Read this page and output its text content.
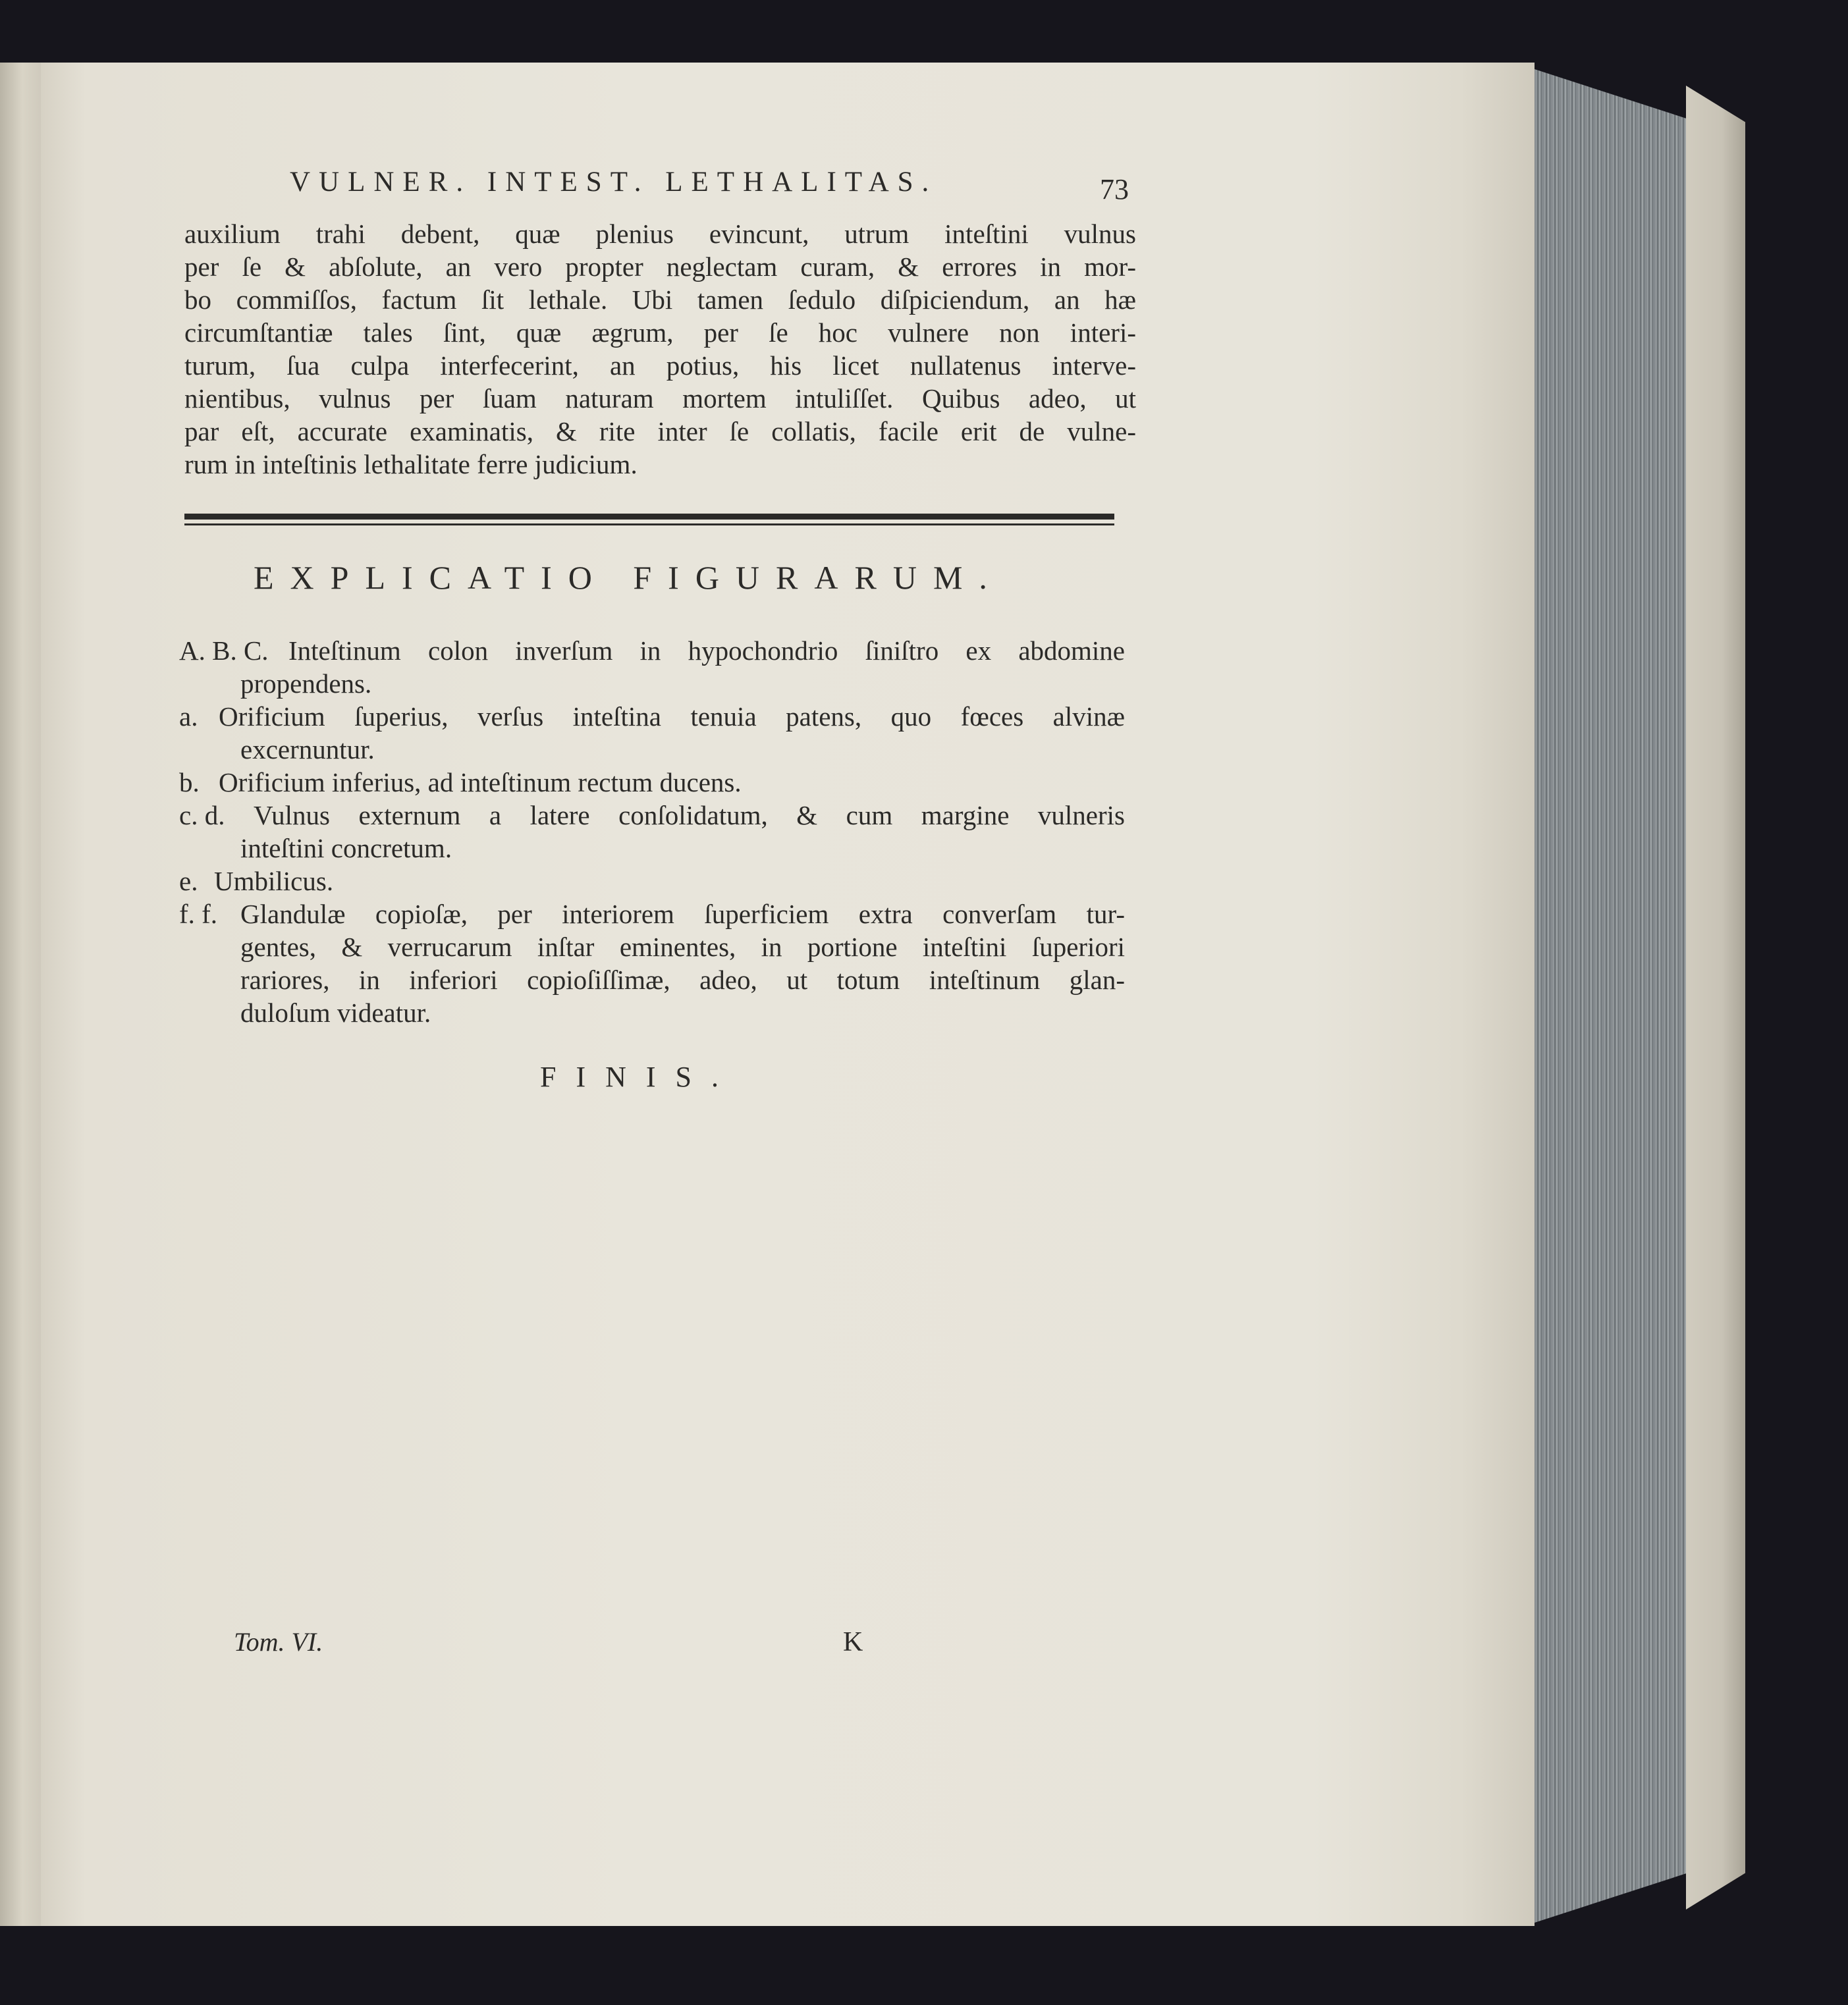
VULNER. INTEST. LETHALITAS.	73
auxilium trahi debent, quæ plenius evincunt, utrum inteſtini vulnus
per ſe & abſolute, an vero propter neglectam curam, & errores in mor-
bo commiſſos, factum ſit lethale. Ubi tamen ſedulo diſpiciendum, an hæ
circumſtantiæ tales ſint, quæ ægrum, per ſe hoc vulnere non interi-
turum, ſua culpa interfecerint, an potius, his licet nullatenus interve-
nientibus, vulnus per ſuam naturam mortem intuliſſet. Quibus adeo, ut
par eſt, accurate examinatis, & rite inter ſe collatis, facile erit de vulne-
rum in inteſtinis lethalitate ferre judicium.
EXPLICATIO FIGURARUM.
A. B. C. Inteſtinum colon inverſum in hypochondrio ſiniſtro ex abdomine
propendens.
a. Orificium ſuperius, verſus inteſtina tenuia patens, quo fœces alvinæ
excernuntur.
b. Orificium inferius, ad inteſtinum rectum ducens.
c. d. Vulnus externum a latere conſolidatum, & cum margine vulneris
inteſtini concretum.
e. Umbilicus.
f. f. Glandulæ copioſæ, per interiorem ſuperficiem extra converſam tur-
gentes, & verrucarum inſtar eminentes, in portione inteſtini ſuperiori
rariores, in inferiori copioſiſſimæ, adeo, ut totum inteſtinum glan-
duloſum videatur.
FINIS.
Tom. VI.	K
